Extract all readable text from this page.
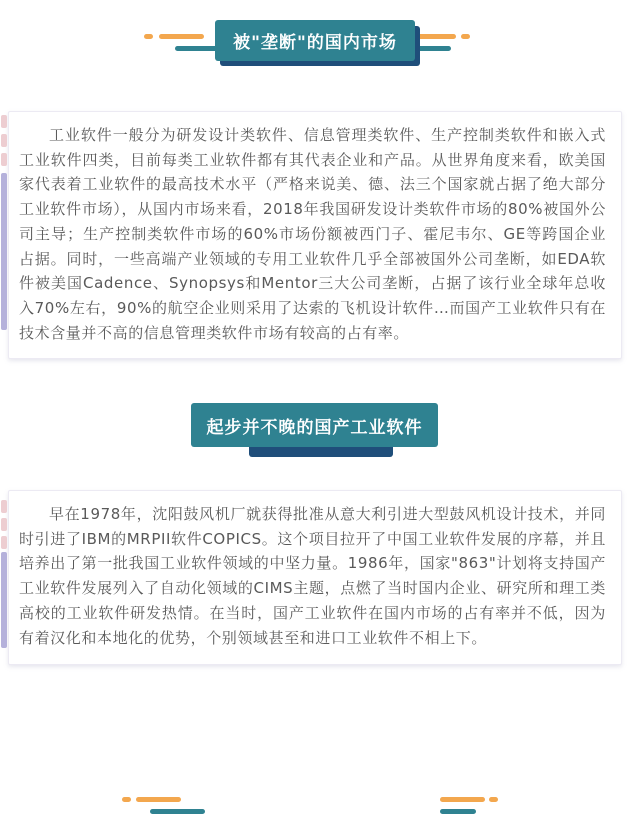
被"垄断"的国内市场

工业软件一般分为研发设计类软件、信息管理类软件、生产控制类软件和嵌入式工业软件四类，目前每类工业软件都有其代表企业和产品。从世界角度来看，欧美国家代表着工业软件的最高技术水平（严格来说美、德、法三个国家就占据了绝大部分工业软件市场），从国内市场来看，2018年我国研发设计类软件市场的80%被国外公司主导；生产控制类软件市场的60%市场份额被西门子、霍尼韦尔、GE等跨国企业占据。同时，一些高端产业领域的专用工业软件几乎全部被国外公司垄断，如EDA软件被美国Cadence、Synopsys和Mentor三大公司垄断，占据了该行业全球年总收入70%左右，90%的航空企业则采用了达索的飞机设计软件…而国产工业软件只有在技术含量并不高的信息管理类软件市场有较高的占有率。

起步并不晚的国产工业软件

早在1978年，沈阳鼓风机厂就获得批准从意大利引进大型鼓风机设计技术，并同时引进了IBM的MRPII软件COPICS。这个项目拉开了中国工业软件发展的序幕，并且培养出了第一批我国工业软件领域的中坚力量。1986年，国家"863"计划将支持国产工业软件发展列入了自动化领域的CIMS主题，点燃了当时国内企业、研究所和理工类高校的工业软件研发热情。在当时，国产工业软件在国内市场的占有率并不低，因为有着汉化和本地化的优势，个别领域甚至和进口工业软件不相上下。
